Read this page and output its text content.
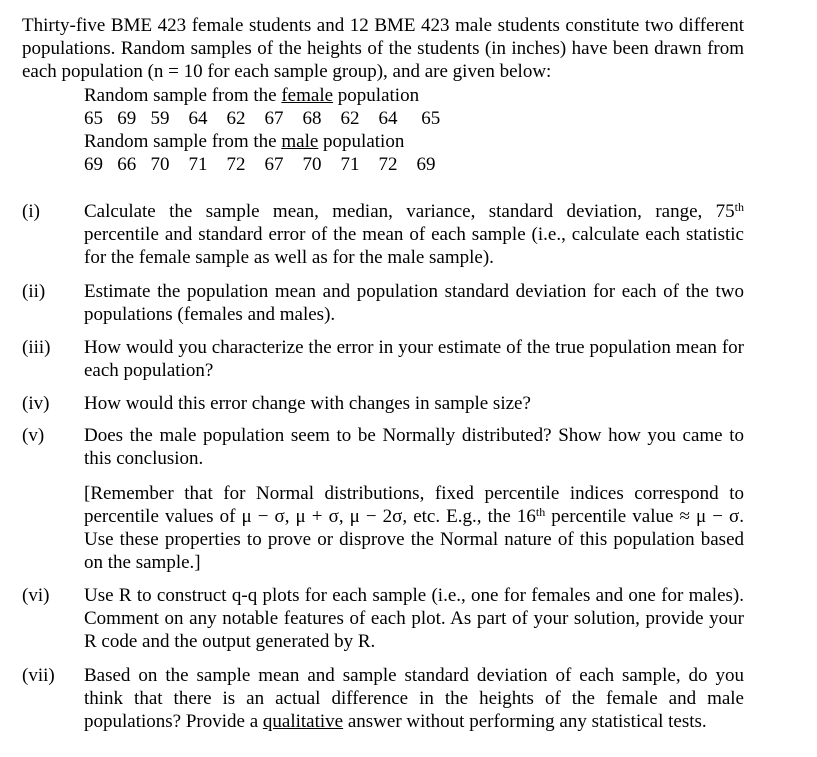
Thirty-five BME 423 female students and 12 BME 423 male students constitute two different populations. Random samples of the heights of the students (in inches) have been drawn from each population (n = 10 for each sample group), and are given below:
Random sample from the female population
65 69 59 64 62 67 68 62 64 65
Random sample from the male population
69 66 70 71 72 67 70 71 72 69
(i) Calculate the sample mean, median, variance, standard deviation, range, 75th percentile and standard error of the mean of each sample (i.e., calculate each statistic for the female sample as well as for the male sample).
(ii) Estimate the population mean and population standard deviation for each of the two populations (females and males).
(iii) How would you characterize the error in your estimate of the true population mean for each population?
(iv) How would this error change with changes in sample size?
(v) Does the male population seem to be Normally distributed? Show how you came to this conclusion.
[Remember that for Normal distributions, fixed percentile indices correspond to percentile values of μ − σ, μ + σ, μ − 2σ, etc. E.g., the 16th percentile value ≈ μ − σ. Use these properties to prove or disprove the Normal nature of this population based on the sample.]
(vi) Use R to construct q-q plots for each sample (i.e., one for females and one for males). Comment on any notable features of each plot. As part of your solution, provide your R code and the output generated by R.
(vii) Based on the sample mean and sample standard deviation of each sample, do you think that there is an actual difference in the heights of the female and male populations? Provide a qualitative answer without performing any statistical tests.
